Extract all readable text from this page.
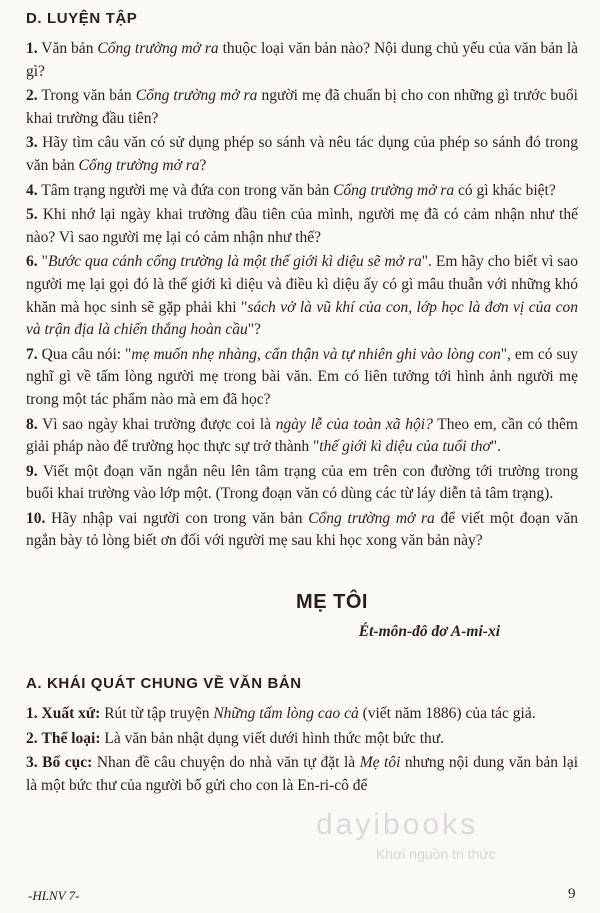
D. LUYỆN TẬP
1. Văn bản Cổng trường mở ra thuộc loại văn bản nào? Nội dung chủ yếu của văn bản là gì?
2. Trong văn bản Cổng trường mở ra người mẹ đã chuẩn bị cho con những gì trước buổi khai trường đầu tiên?
3. Hãy tìm câu văn có sử dụng phép so sánh và nêu tác dụng của phép so sánh đó trong văn bản Cổng trường mở ra?
4. Tâm trạng người mẹ và đứa con trong văn bản Cổng trường mở ra có gì khác biệt?
5. Khi nhớ lại ngày khai trường đầu tiên của mình, người mẹ đã có cảm nhận như thế nào? Vì sao người mẹ lại có cảm nhận như thế?
6. "Bước qua cánh cổng trường là một thế giới kì diệu sẽ mở ra". Em hãy cho biết vì sao người mẹ lại gọi đó là thế giới kì diệu và điều kì diệu ấy có gì mâu thuẫn với những khó khăn mà học sinh sẽ gặp phải khi "sách vở là vũ khí của con, lớp học là đơn vị của con và trận địa là chiến thắng hoàn cầu"?
7. Qua câu nói: "mẹ muốn nhẹ nhàng, cẩn thận và tự nhiên ghi vào lòng con", em có suy nghĩ gì về tấm lòng người mẹ trong bài văn. Em có liên tưởng tới hình ảnh người mẹ trong một tác phẩm nào mà em đã học?
8. Vì sao ngày khai trường được coi là ngày lễ của toàn xã hội? Theo em, cần có thêm giải pháp nào để trường học thực sự trở thành "thế giới kì diệu của tuổi thơ".
9. Viết một đoạn văn ngắn nêu lên tâm trạng của em trên con đường tới trường trong buổi khai trường vào lớp một. (Trong đoạn văn có dùng các từ láy diễn tả tâm trạng).
10. Hãy nhập vai người con trong văn bản Cổng trường mở ra để viết một đoạn văn ngắn bày tỏ lòng biết ơn đối với người mẹ sau khi học xong văn bản này?
MẸ TÔI
Ét-môn-đô đơ A-mi-xi
A. KHÁI QUÁT CHUNG VỀ VĂN BẢN
1. Xuất xứ: Rút từ tập truyện Những tấm lòng cao cả (viết năm 1886) của tác giả.
2. Thể loại: Là văn bản nhật dụng viết dưới hình thức một bức thư.
3. Bố cục: Nhan đề câu chuyện do nhà văn tự đặt là Mẹ tôi nhưng nội dung văn bản lại là một bức thư của người bố gửi cho con là En-ri-cô để
dayibooks
Khơi nguồn tri thức
-HLNV 7-	9
